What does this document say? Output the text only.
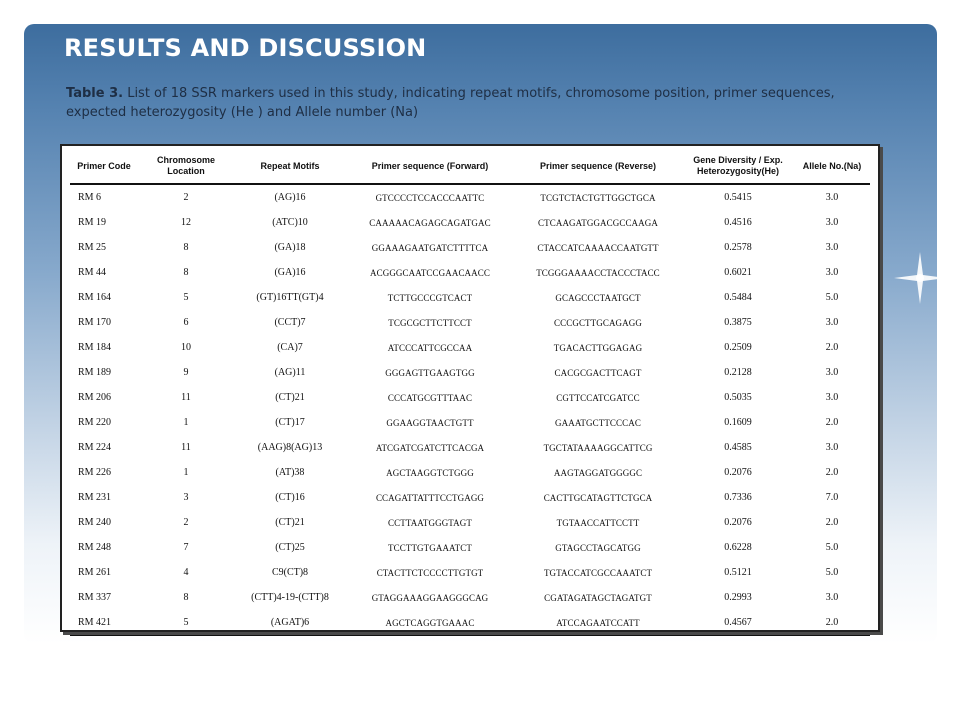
RESULTS AND DISCUSSION

Table 3. List of 18 SSR markers used in this study, indicating repeat motifs, chromosome position, primer sequences, expected heterozygosity (He ) and Allele number (Na)

Primer Code	Chromosome Location	Repeat Motifs	Primer sequence (Forward)	Primer sequence (Reverse)	Gene Diversity / Exp. Heterozygosity(He)	Allele No.(Na)
RM 6	2	(AG)16	GTCCCCTCCACCCAATTC	TCGTCTACTGTTGGCTGCA	0.5415	3.0
RM 19	12	(ATC)10	CAAAAACAGAGCAGATGAC	CTCAAGATGGACGCCAAGA	0.4516	3.0
RM 25	8	(GA)18	GGAAAGAATGATCTTTTCA	CTACCATCAAAACCAATGTT	0.2578	3.0
RM 44	8	(GA)16	ACGGGCAATCCGAACAACC	TCGGGAAAACCTACCCTACC	0.6021	3.0
RM 164	5	(GT)16TT(GT)4	TCTTGCCCGTCACT	GCAGCCCTAATGCT	0.5484	5.0
RM 170	6	(CCT)7	TCGCGCTTCTTCCT	CCCGCTTGCAGAGG	0.3875	3.0
RM 184	10	(CA)7	ATCCCATTCGCCAA	TGACACTTGGAGAG	0.2509	2.0
RM 189	9	(AG)11	GGGAGTTGAAGTGG	CACGCGACTTCAGT	0.2128	3.0
RM 206	11	(CT)21	CCCATGCGTTTAAC	CGTTCCATCGATCC	0.5035	3.0
RM 220	1	(CT)17	GGAAGGTAACTGTT	GAAATGCTTCCCAC	0.1609	2.0
RM 224	11	(AAG)8(AG)13	ATCGATCGATCTTCACGA	TGCTATAAAAGGCATTCG	0.4585	3.0
RM 226	1	(AT)38	AGCTAAGGTCTGGG	AAGTAGGATGGGGC	0.2076	2.0
RM 231	3	(CT)16	CCAGATTATTTCCTGAGG	CACTTGCATAGTTCTGCA	0.7336	7.0
RM 240	2	(CT)21	CCTTAATGGGTAGT	TGTAACCATTCCTT	0.2076	2.0
RM 248	7	(CT)25	TCCTTGTGAAATCT	GTAGCCTAGCATGG	0.6228	5.0
RM 261	4	C9(CT)8	CTACTTCTCCCCTTGTGT	TGTACCATCGCCAAATCT	0.5121	5.0
RM 337	8	(CTT)4-19-(CTT)8	GTAGGAAAGGAAGGGCAG	CGATAGATAGCTAGATGT	0.2993	3.0
RM 421	5	(AGAT)6	AGCTCAGGTGAAAC	ATCCAGAATCCATT	0.4567	2.0
